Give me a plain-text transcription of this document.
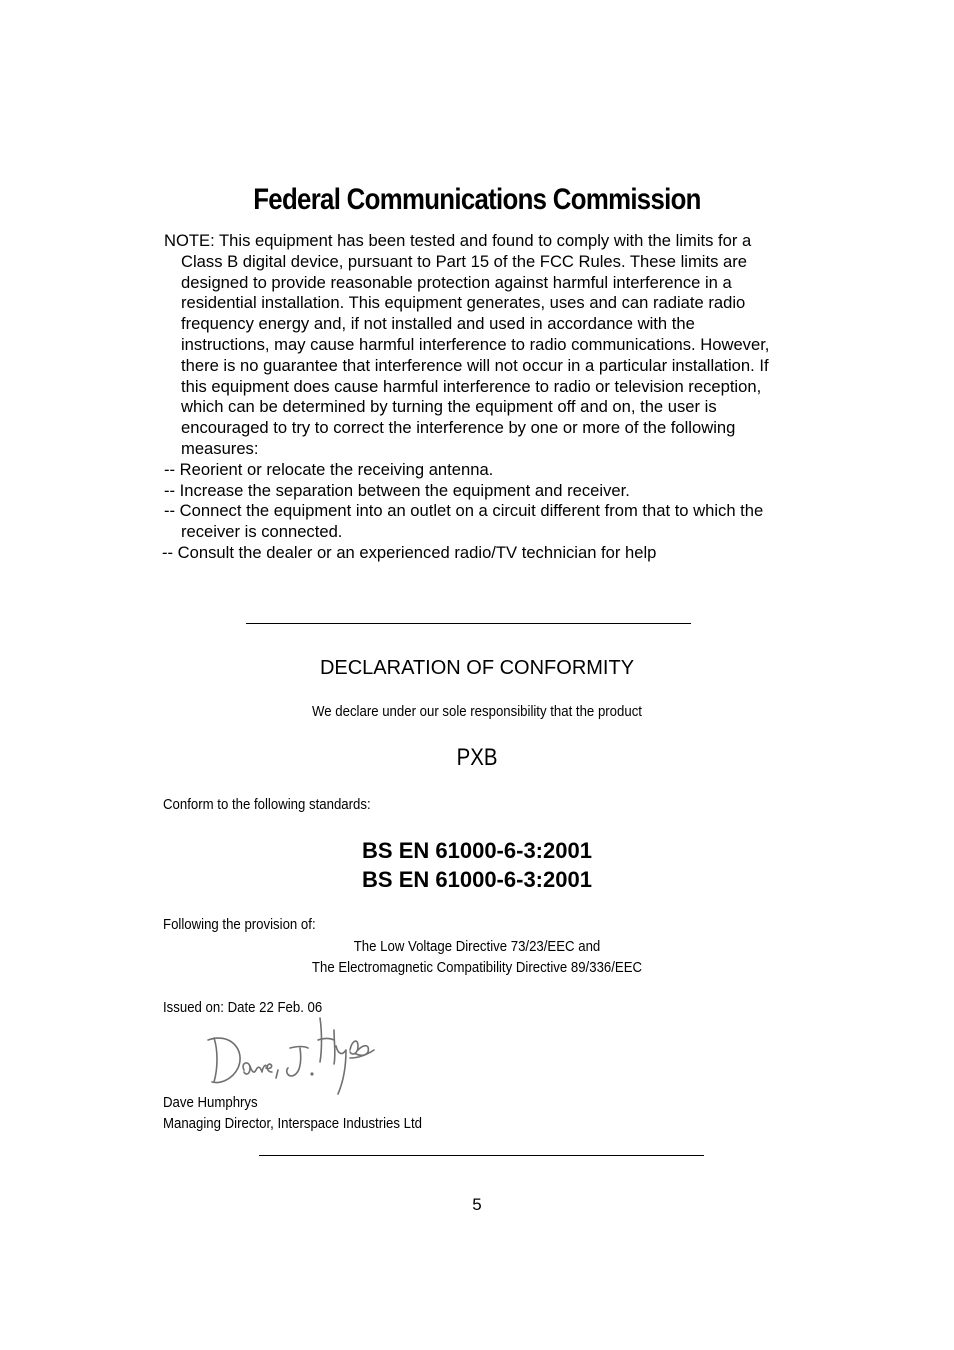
Federal Communications Commission

NOTE: This equipment has been tested and found to comply with the limits for a Class B digital device, pursuant to Part 15 of the FCC Rules. These limits are designed to provide reasonable protection against harmful interference in a residential installation. This equipment generates, uses and can radiate radio frequency energy and, if not installed and used in accordance with the instructions, may cause harmful interference to radio communications. However, there is no guarantee that interference will not occur in a particular installation. If this equipment does cause harmful interference to radio or television reception, which can be determined by turning the equipment off and on, the user is encouraged to try to correct the interference by one or more of the following measures:

-- Reorient or relocate the receiving antenna.

-- Increase the separation between the equipment and receiver.

-- Connect the equipment into an outlet on a circuit different from that to which the receiver is connected.

-- Consult the dealer or an experienced radio/TV technician for help

DECLARATION OF CONFORMITY
We declare under our sole responsibility that the product
PXB
Conform to the following standards:
BS EN 61000-6-3:2001
BS EN 61000-6-3:2001
Following the provision of:
The Low Voltage Directive 73/23/EEC and
The Electromagnetic Compatibility Directive 89/336/EEC
Issued on: Date 22 Feb. 06
Dave Humphrys
Managing Director, Interspace Industries Ltd
5
